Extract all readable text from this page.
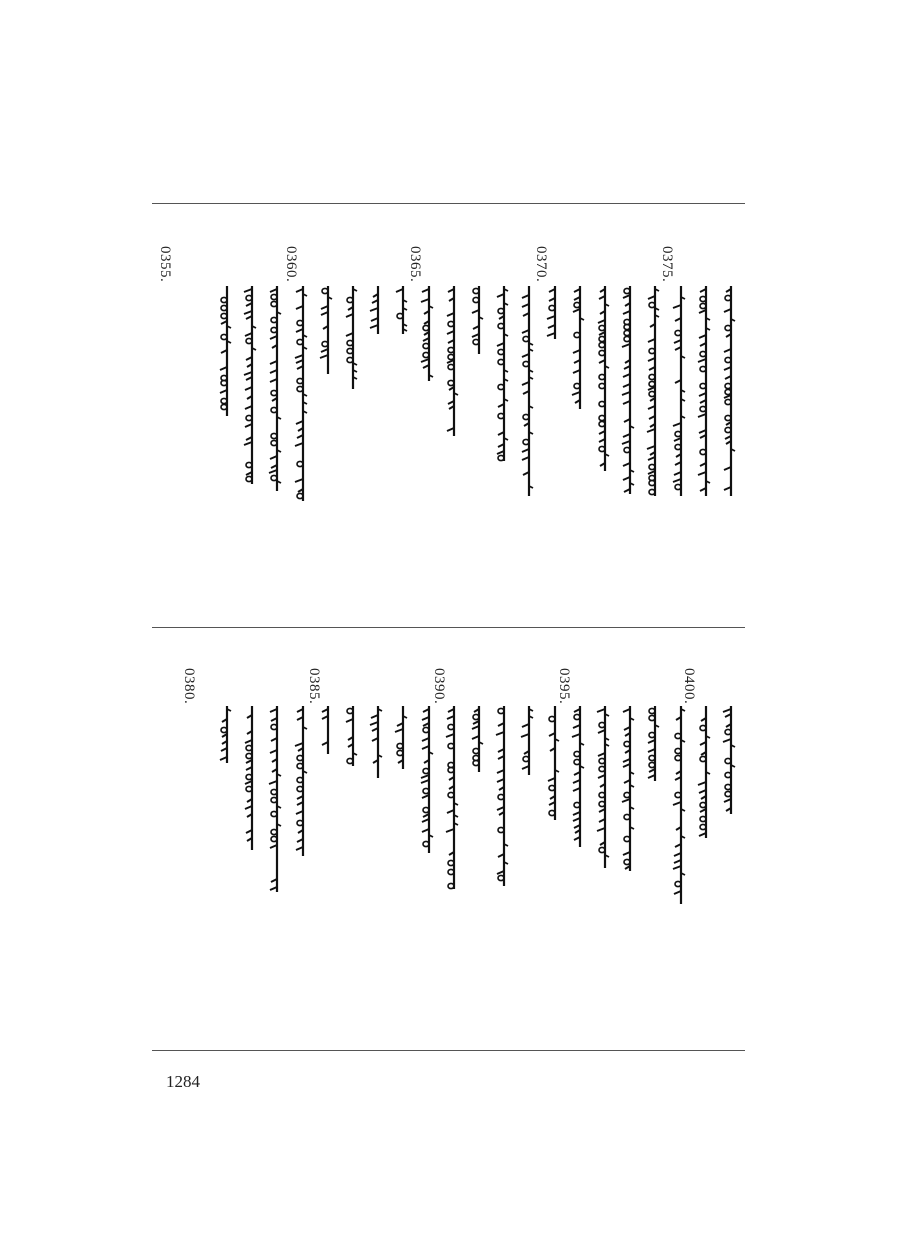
0375.
0370.
0365.
0360.
0355.
0400.
0395.
0390.
0385.
0380.
1284
